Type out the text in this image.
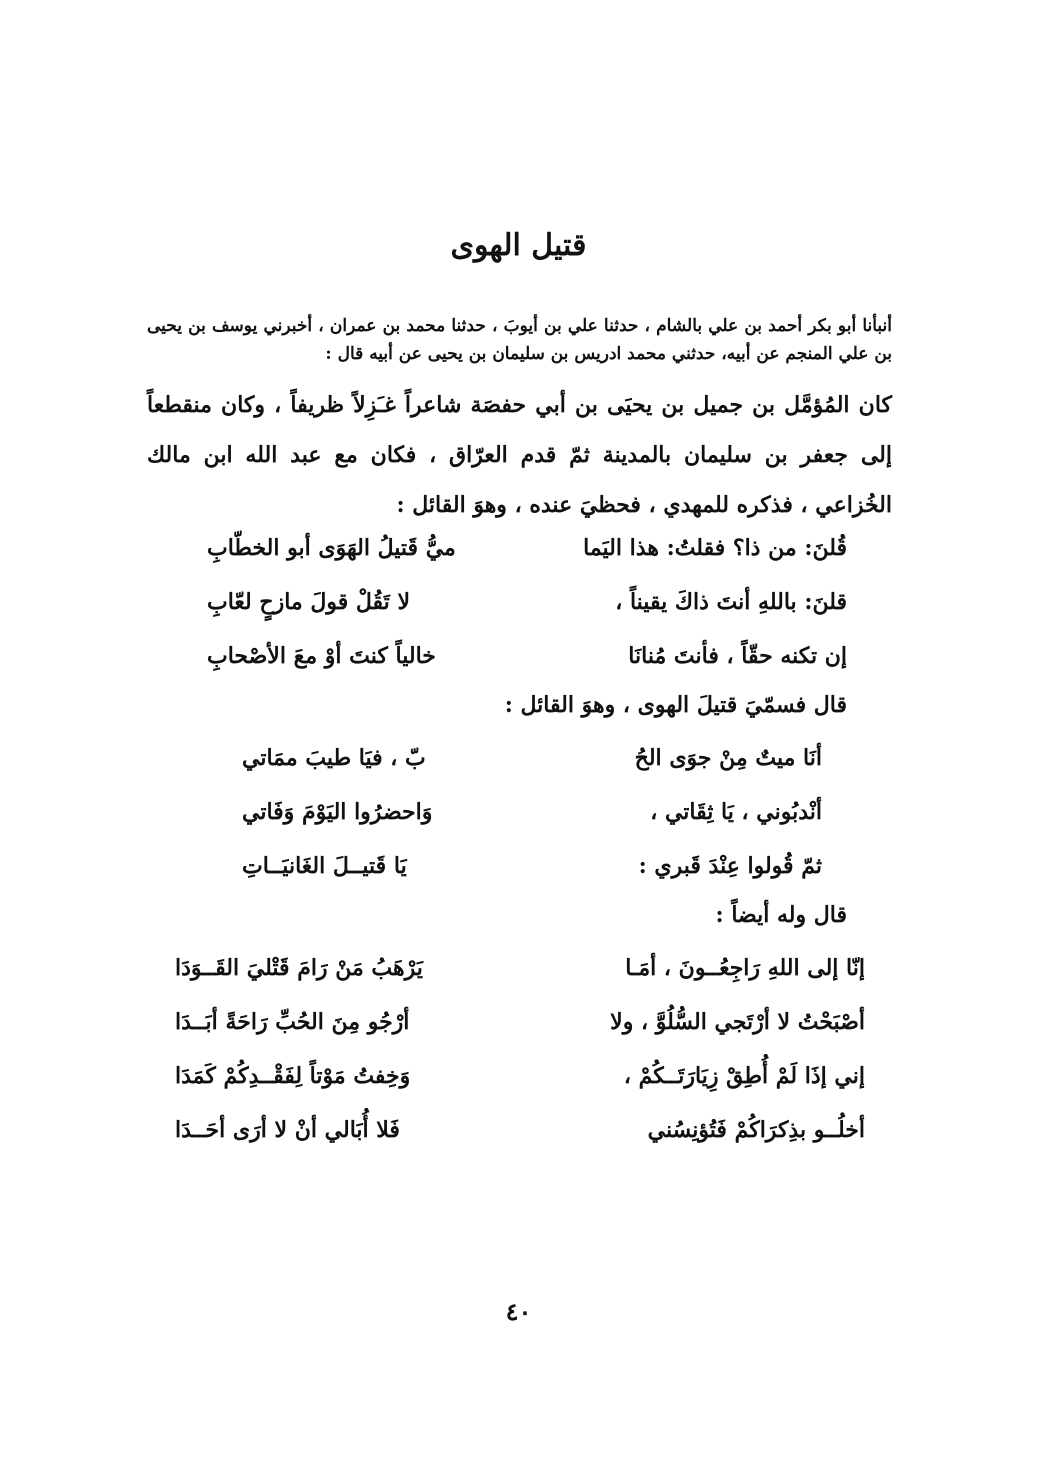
قتيل الهوى
أنبأنا أبو بكر أحمد بن علي بالشام ، حدثنا علي بن أيوبَ ، حدثنا محمد بن عمران ، أخبرني يوسف بن يحيى بن علي المنجم عن أبيه، حدثني محمد ادريس بن سليمان بن يحيى عن أبيه قال :
كان المُؤمَّل بن جميل بن يحيَى بن أبي حفصَة شاعراً غـَزِلاً ظريفاً ، وكان منقطعاً إلى جعفر بن سليمان بالمدينة ثمّ قدم العرّاق ، فكان مع عبد الله ابن مالك الخُزاعي ، فذكره للمهدي ، فحظيَ عنده ، وهوَ القائل :
قُلنَ: من ذا؟ فقلتُ: هذا اليَما
ميُّ قَتيلُ الهَوَى أبو الخطّابِ
قلنَ: باللهِ أنتَ ذاكَ يقيناً ،
لا تَقُلْ قولَ مازحٍ لعّابِ
إن تكنه حقّاً ، فأنتَ مُنانَا
خالياً كنتَ أوْ معَ الأصْحابِ
قال فسمّيَ قتيلَ الهوى ، وهوَ القائل :
أنَا ميتٌ مِنْ جوَى الحُ
بّ ، فيَا طيبَ ممَاتي
أنْدبُوني ، يَا ثِقَاتي ،
وَاحضرُوا اليَوْمَ وَفَاتي
ثمّ قُولوا عِنْدَ قَبري :
يَا قَتيــلَ الغَانيَــاتِ
قال وله أيضاً :
إنّا إلى اللهِ رَاجِعُــونَ ، أمَـا
يَرْهَبُ مَنْ رَامَ قَتْليَ القَــوَدَا
أصْبَحْتُ لا أرْتَجي السُّلُوَّ ، ولا
أرْجُو مِنَ الحُبِّ رَاحَةً أبَــدَا
إني إذَا لَمْ أُطِقْ زِيَارَتَــكُمْ ،
وَخِفتُ مَوْتاً لِفَقْــدِكُمْ كَمَدَا
أخلُــو بذِكرَاكُمْ فَتُؤنِسُني
فَلا أُبَالي أنْ لا أرَى أحَــدَا
٤٠
